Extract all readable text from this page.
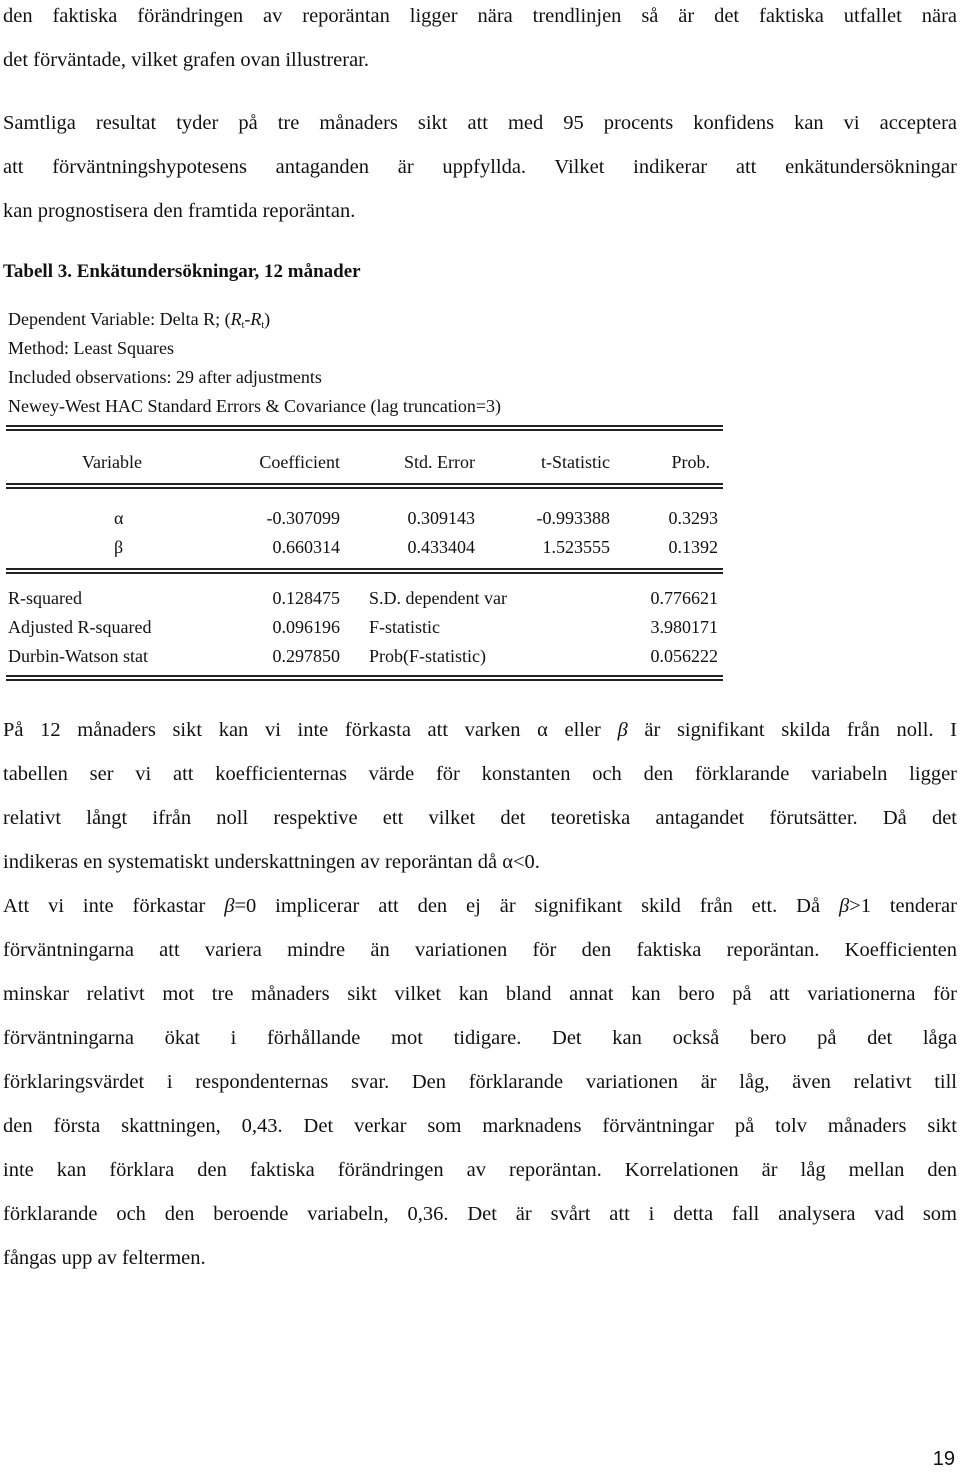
den faktiska förändringen av reporäntan ligger nära trendlinjen så är det faktiska utfallet nära
det förväntade, vilket grafen ovan illustrerar.
Samtliga resultat tyder på tre månaders sikt att med 95 procents konfidens kan vi acceptera
att förväntningshypotesens antaganden är uppfyllda. Vilket indikerar att enkätundersökningar
kan prognostisera den framtida reporäntan.
Tabell 3. Enkätundersökningar, 12 månader
Dependent Variable: Delta R; $(R_t-R_t)$
Method: Least Squares
Included observations: 29 after adjustments
Newey-West HAC Standard Errors & Covariance (lag truncation=3)
Variable	Coefficient	Std. Error	t-Statistic	Prob.
α	-0.307099	0.309143	-0.993388	0.3293
β	0.660314	0.433404	1.523555	0.1392
R-squared	0.128475 S.D. dependent var	0.776621
Adjusted R-squared	0.096196 F-statistic	3.980171
Durbin-Watson stat	0.297850 Prob(F-statistic)	0.056222
På 12 månaders sikt kan vi inte förkasta att varken α eller β är signifikant skilda från noll. I
tabellen ser vi att koefficienternas värde för konstanten och den förklarande variabeln ligger
relativt långt ifrån noll respektive ett vilket det teoretiska antagandet förutsätter. Då det
indikeras en systematiskt underskattningen av reporäntan då α<0.
Att vi inte förkastar β=0 implicerar att den ej är signifikant skild från ett. Då β>1 tenderar
förväntningarna att variera mindre än variationen för den faktiska reporäntan. Koefficienten
minskar relativt mot tre månaders sikt vilket kan bland annat kan bero på att variationerna för
förväntningarna ökat i förhållande mot tidigare. Det kan också bero på det låga
förklaringsvärdet i respondenternas svar. Den förklarande variationen är låg, även relativt till
den första skattningen, 0,43. Det verkar som marknadens förväntningar på tolv månaders sikt
inte kan förklara den faktiska förändringen av reporäntan. Korrelationen är låg mellan den
förklarande och den beroende variabeln, 0,36. Det är svårt att i detta fall analysera vad som
fångas upp av feltermen.
19
